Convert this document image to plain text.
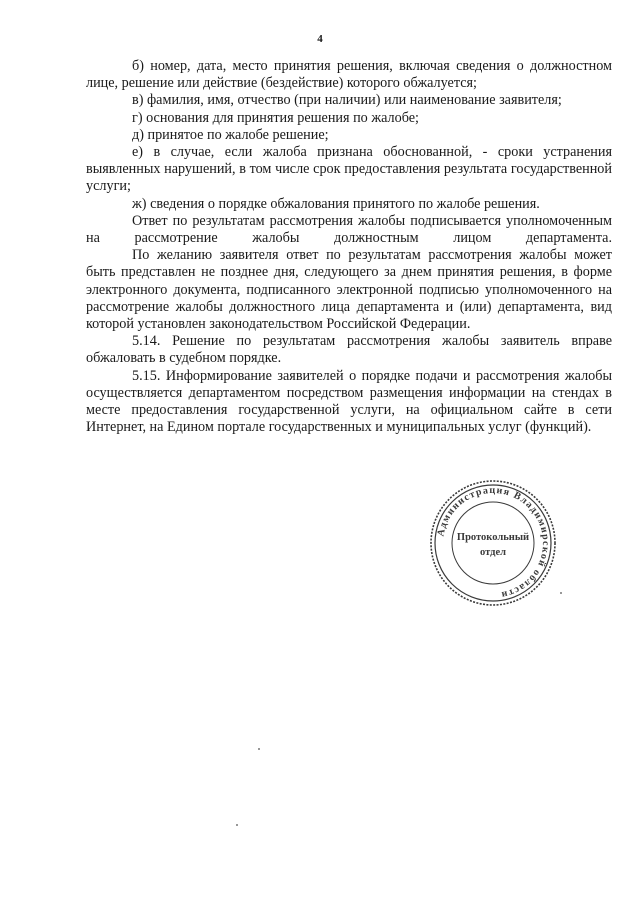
4

б) номер, дата, место принятия решения, включая сведения о должностном лице, решение или действие (бездействие) которого обжалуется;

в) фамилия, имя, отчество (при наличии) или наименование заявителя;

г) основания для принятия решения по жалобе;

д) принятое по жалобе решение;

е) в случае, если жалоба признана обоснованной, - сроки устранения выявленных нарушений, в том числе срок предоставления результата государственной услуги;

ж) сведения о порядке обжалования принятого по жалобе решения.

Ответ по результатам рассмотрения жалобы подписывается уполномоченным на рассмотрение жалобы должностным лицом департамента.

По желанию заявителя ответ по результатам рассмотрения жалобы может быть представлен не позднее дня, следующего за днем принятия решения, в форме электронного документа, подписанного электронной подписью уполномоченного на рассмотрение жалобы должностного лица департамента и (или) департамента, вид которой установлен законодательством Российской Федерации.

5.14. Решение по результатам рассмотрения жалобы заявитель вправе обжаловать в судебном порядке.

5.15. Информирование заявителей о порядке подачи и рассмотрения жалобы осуществляется департаментом посредством размещения информации на стендах в месте предоставления государственной услуги, на официальном сайте в сети Интернет, на Едином портале государственных и муниципальных услуг (функций).

Администрация Владимирской области
Протокольный
отдел
